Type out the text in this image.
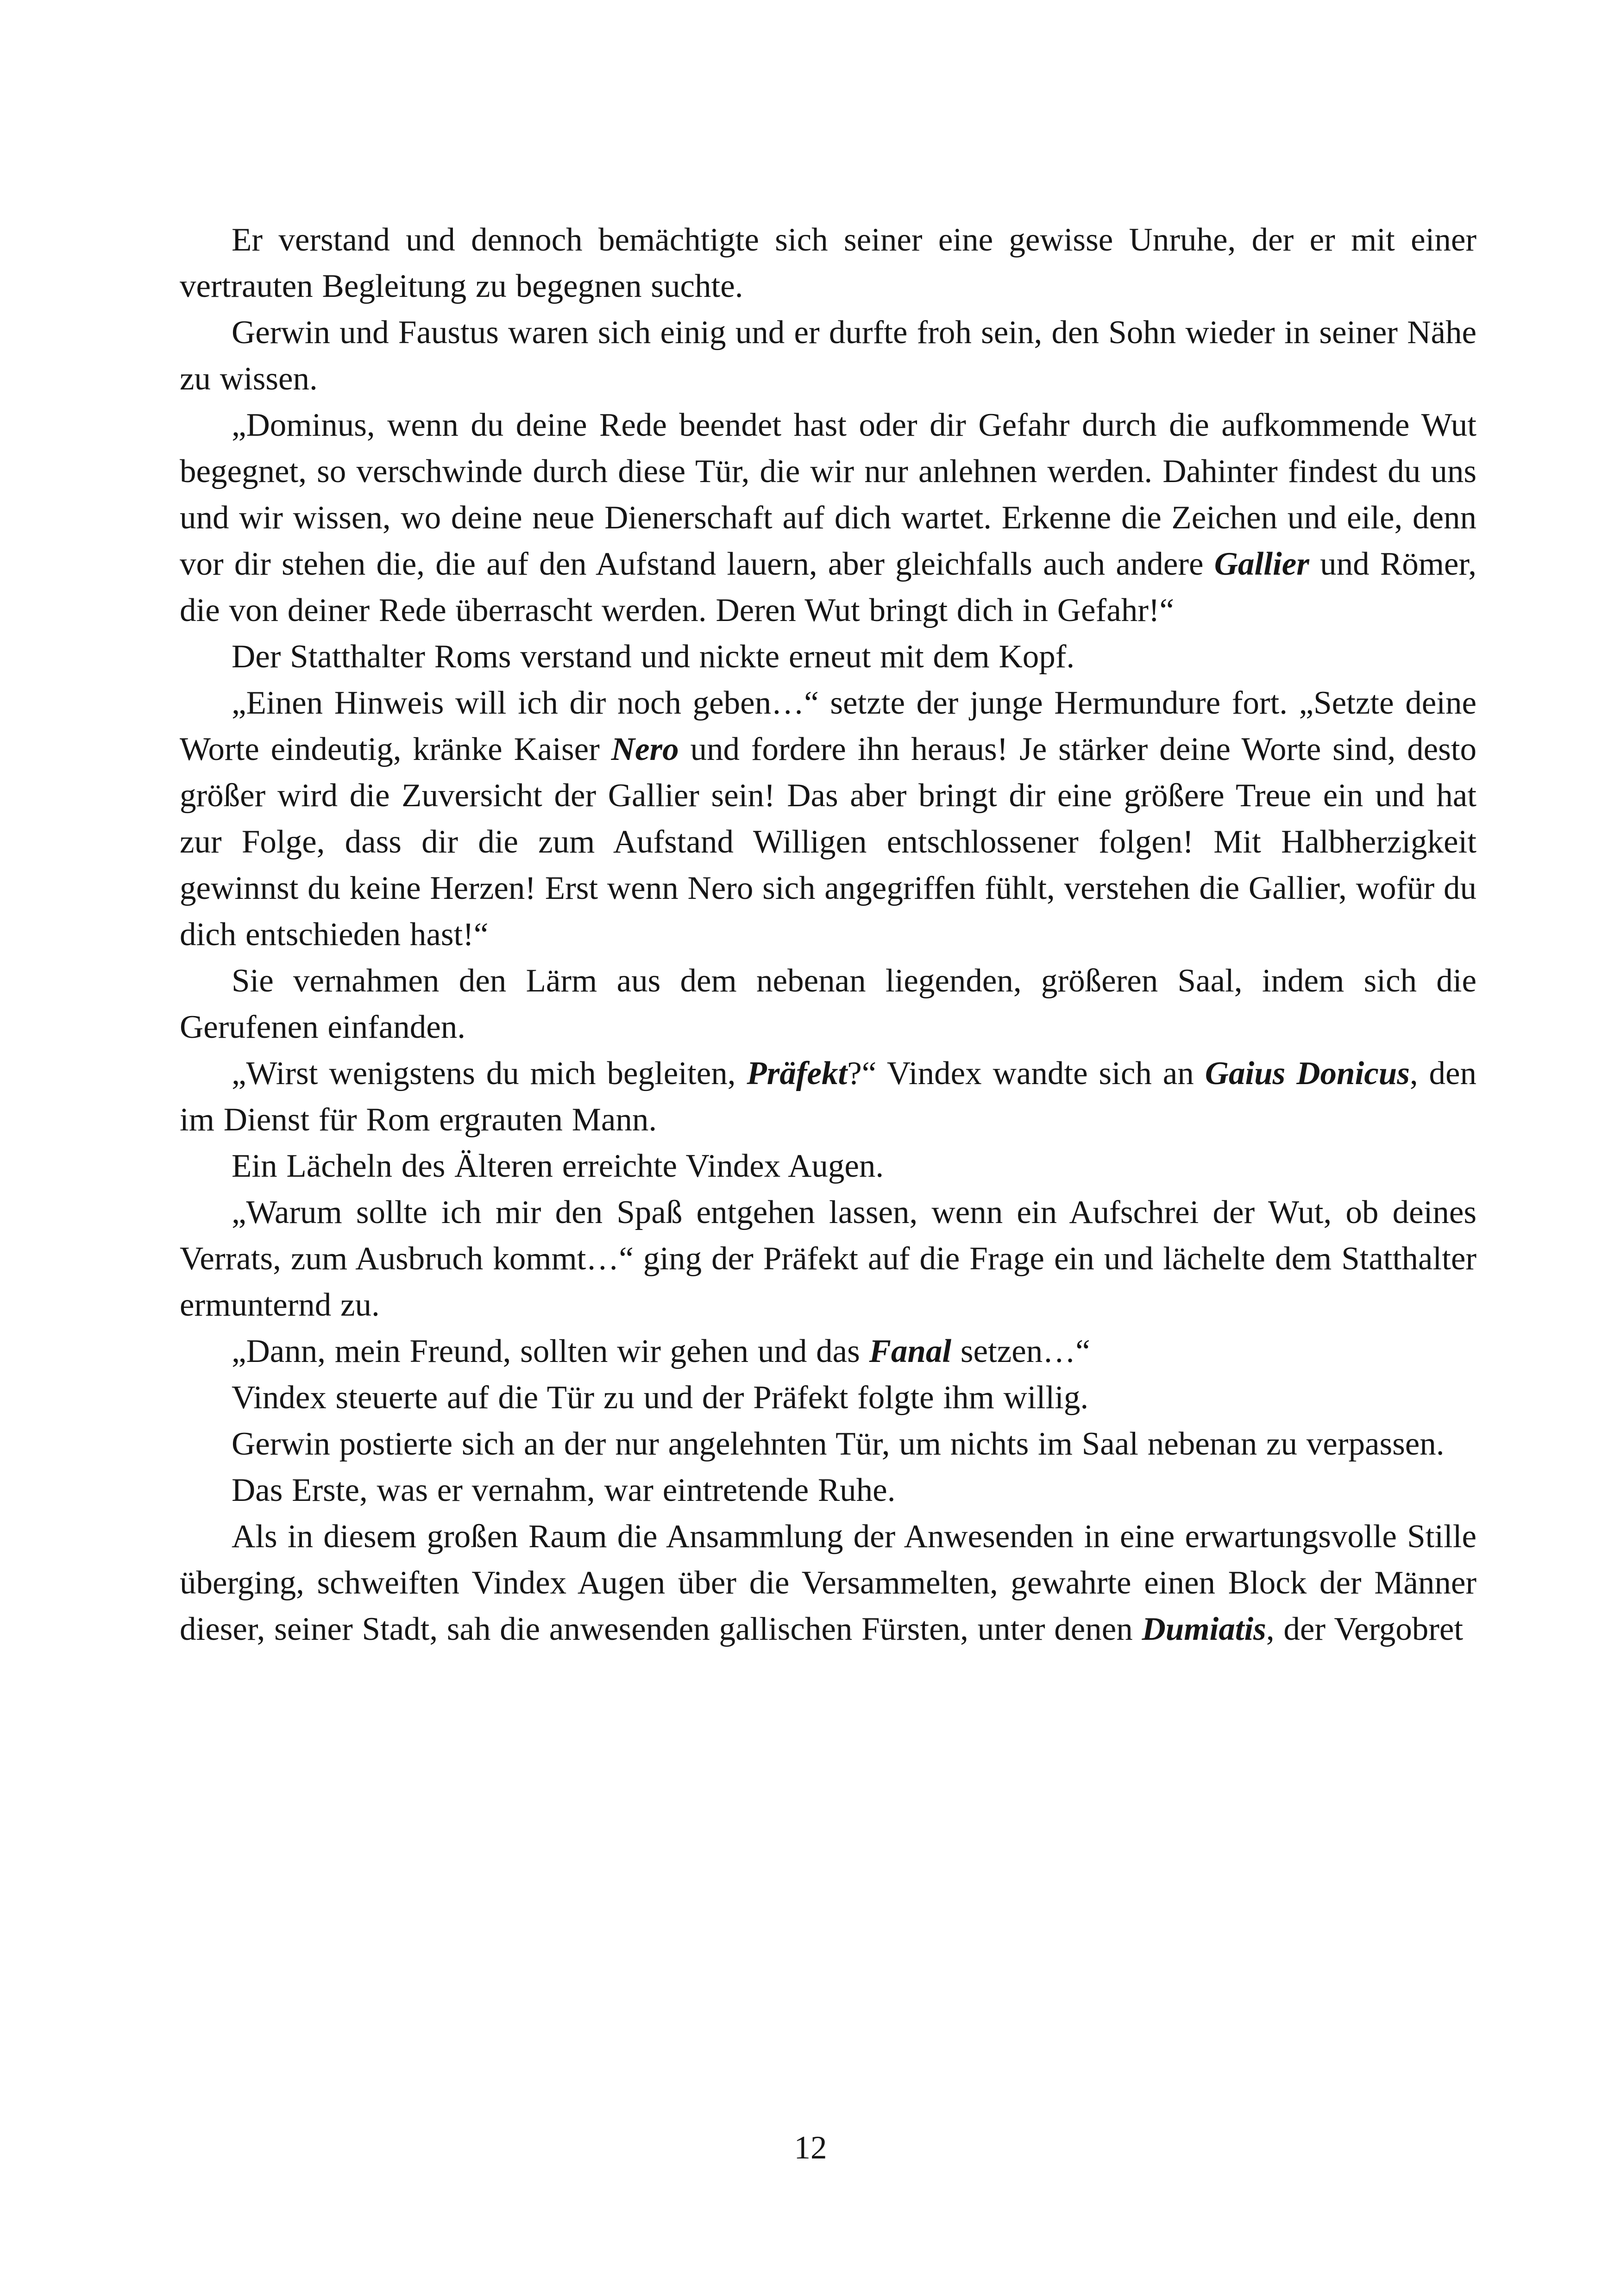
Er verstand und dennoch bemächtigte sich seiner eine gewisse Unruhe, der er mit einer vertrauten Begleitung zu begegnen suchte.

Gerwin und Faustus waren sich einig und er durfte froh sein, den Sohn wieder in seiner Nähe zu wissen.

„Dominus, wenn du deine Rede beendet hast oder dir Gefahr durch die aufkommende Wut begegnet, so verschwinde durch diese Tür, die wir nur anlehnen werden. Dahinter findest du uns und wir wissen, wo deine neue Dienerschaft auf dich wartet. Erkenne die Zeichen und eile, denn vor dir stehen die, die auf den Aufstand lauern, aber gleichfalls auch andere Gallier und Römer, die von deiner Rede überrascht werden. Deren Wut bringt dich in Gefahr!“

Der Statthalter Roms verstand und nickte erneut mit dem Kopf.

„Einen Hinweis will ich dir noch geben…“ setzte der junge Hermundure fort. „Setzte deine Worte eindeutig, kränke Kaiser Nero und fordere ihn heraus! Je stärker deine Worte sind, desto größer wird die Zuversicht der Gallier sein! Das aber bringt dir eine größere Treue ein und hat zur Folge, dass dir die zum Aufstand Willigen entschlossener folgen! Mit Halbherzigkeit gewinnst du keine Herzen! Erst wenn Nero sich angegriffen fühlt, verstehen die Gallier, wofür du dich entschieden hast!“

Sie vernahmen den Lärm aus dem nebenan liegenden, größeren Saal, indem sich die Gerufenen einfanden.

„Wirst wenigstens du mich begleiten, Präfekt?“ Vindex wandte sich an Gaius Donicus, den im Dienst für Rom ergrauten Mann.

Ein Lächeln des Älteren erreichte Vindex Augen.

„Warum sollte ich mir den Spaß entgehen lassen, wenn ein Aufschrei der Wut, ob deines Verrats, zum Ausbruch kommt…“ ging der Präfekt auf die Frage ein und lächelte dem Statthalter ermunternd zu.

„Dann, mein Freund, sollten wir gehen und das Fanal setzen…“

Vindex steuerte auf die Tür zu und der Präfekt folgte ihm willig.

Gerwin postierte sich an der nur angelehnten Tür, um nichts im Saal nebenan zu verpassen.

Das Erste, was er vernahm, war eintretende Ruhe.

Als in diesem großen Raum die Ansammlung der Anwesenden in eine erwartungsvolle Stille überging, schweiften Vindex Augen über die Versammelten, gewahrte einen Block der Männer dieser, seiner Stadt, sah die anwesenden gallischen Fürsten, unter denen Dumiatis, der Vergobret

12
